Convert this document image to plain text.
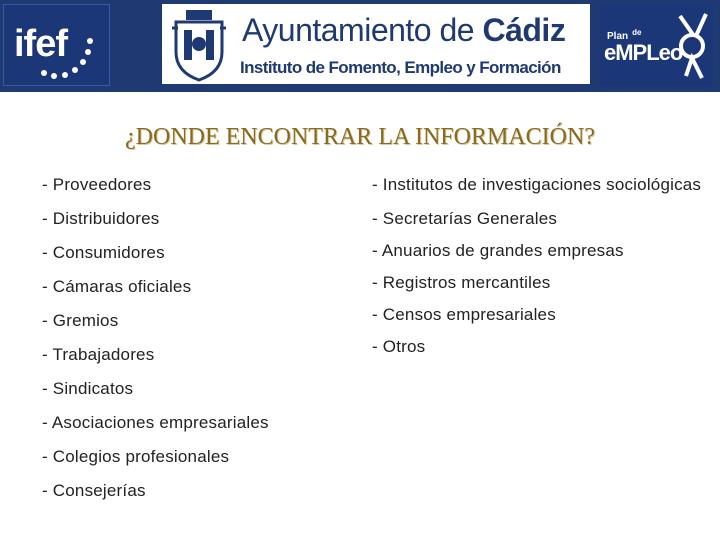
ifef	Ayuntamiento de Cádiz
Instituto de Fomento, Empleo y Formación
Plan $^{de}$
eMPLeo
¿DONDE ENCONTRAR LA INFORMACIÓN?
- Proveedores
- Distribuidores
- Consumidores
- Cámaras oficiales
- Gremios
- Trabajadores
- Sindicatos
- Asociaciones empresariales
- Colegios profesionales
- Consejerías
- Institutos de investigaciones sociológicas
- Secretarías Generales
- Anuarios de grandes empresas
- Registros mercantiles
- Censos empresariales
- Otros
